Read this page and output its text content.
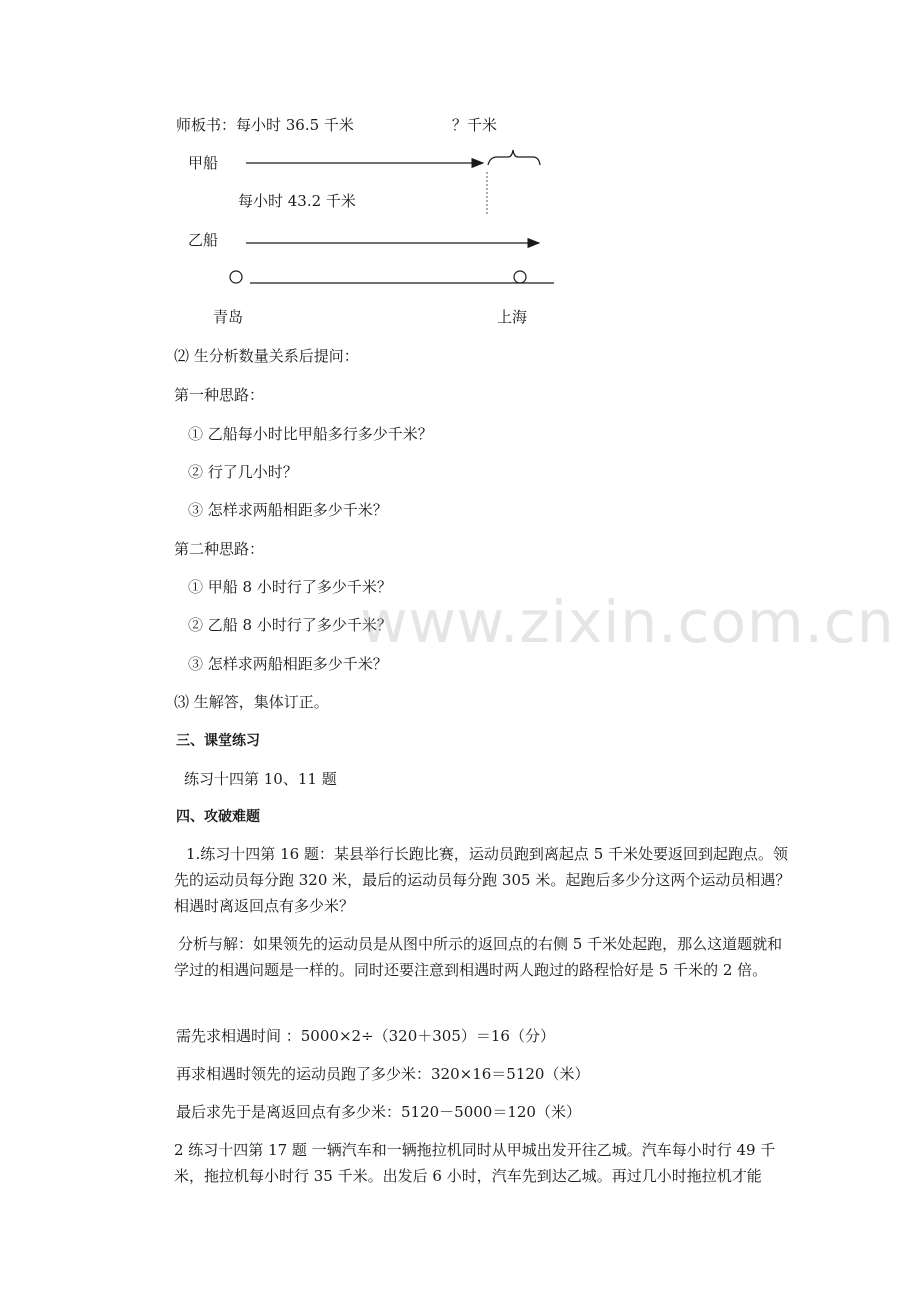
师板书：每小时 36.5 千米	？千米
甲船
每小时 43.2 千米
乙船
青岛	上海
⑵ 生分析数量关系后提问：
第一种思路：
① 乙船每小时比甲船多行多少千米？
② 行了几小时？
③ 怎样求两船相距多少千米？
第二种思路：
① 甲船 8 小时行了多少千米？
② 乙船 8 小时行了多少千米？
③ 怎样求两船相距多少千米？
⑶ 生解答，集体订正。
三、课堂练习
练习十四第 10、11 题
四、攻破难题
1.练习十四第 16 题：某县举行长跑比赛，运动员跑到离起点 5 千米处要返回到起跑点。领先的运动员每分跑 320 米，最后的运动员每分跑 305 米。起跑后多少分这两个运动员相遇？相遇时离返回点有多少米？
分析与解：如果领先的运动员是从图中所示的返回点的右侧 5 千米处起跑，那么这道题就和学过的相遇问题是一样的。同时还要注意到相遇时两人跑过的路程恰好是 5 千米的 2 倍。
需先求相遇时间 ：5000×2÷（320＋305）＝16（分）
再求相遇时领先的运动员跑了多少米：320×16＝5120（米）
最后求先于是离返回点有多少米：5120－5000＝120（米）
2 练习十四第 17 题 一辆汽车和一辆拖拉机同时从甲城出发开往乙城。汽车每小时行 49 千米，拖拉机每小时行 35 千米。出发后 6 小时，汽车先到达乙城。再过几小时拖拉机才能
www.zixin.com.cn
